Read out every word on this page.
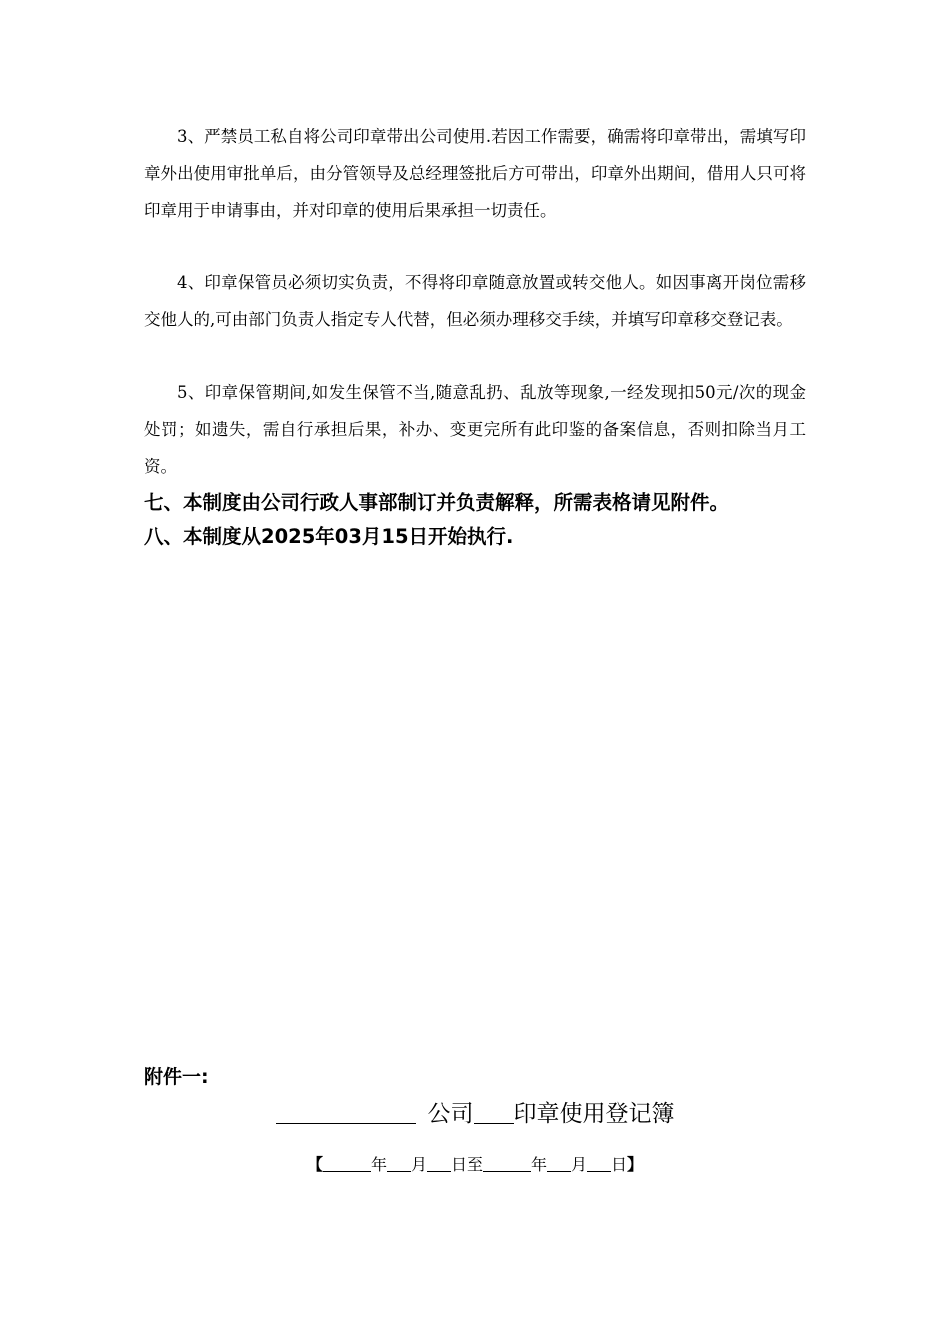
3、严禁员工私自将公司印章带出公司使用.若因工作需要，确需将印章带出，需填写印章外出使用审批单后，由分管领导及总经理签批后方可带出，印章外出期间，借用人只可将印章用于申请事由，并对印章的使用后果承担一切责任。

4、印章保管员必须切实负责，不得将印章随意放置或转交他人。如因事离开岗位需移交他人的,可由部门负责人指定专人代替，但必须办理移交手续，并填写印章移交登记表。

5、印章保管期间,如发生保管不当,随意乱扔、乱放等现象,一经发现扣50元/次的现金处罚；如遗失，需自行承担后果，补办、变更完所有此印鉴的备案信息，否则扣除当月工资。

七、本制度由公司行政人事部制订并负责解释，所需表格请见附件。

八、本制度从2025年03月15日开始执行.

附件一:

公司 印章使用登记簿

【	年 月 日至	年 月 日】
